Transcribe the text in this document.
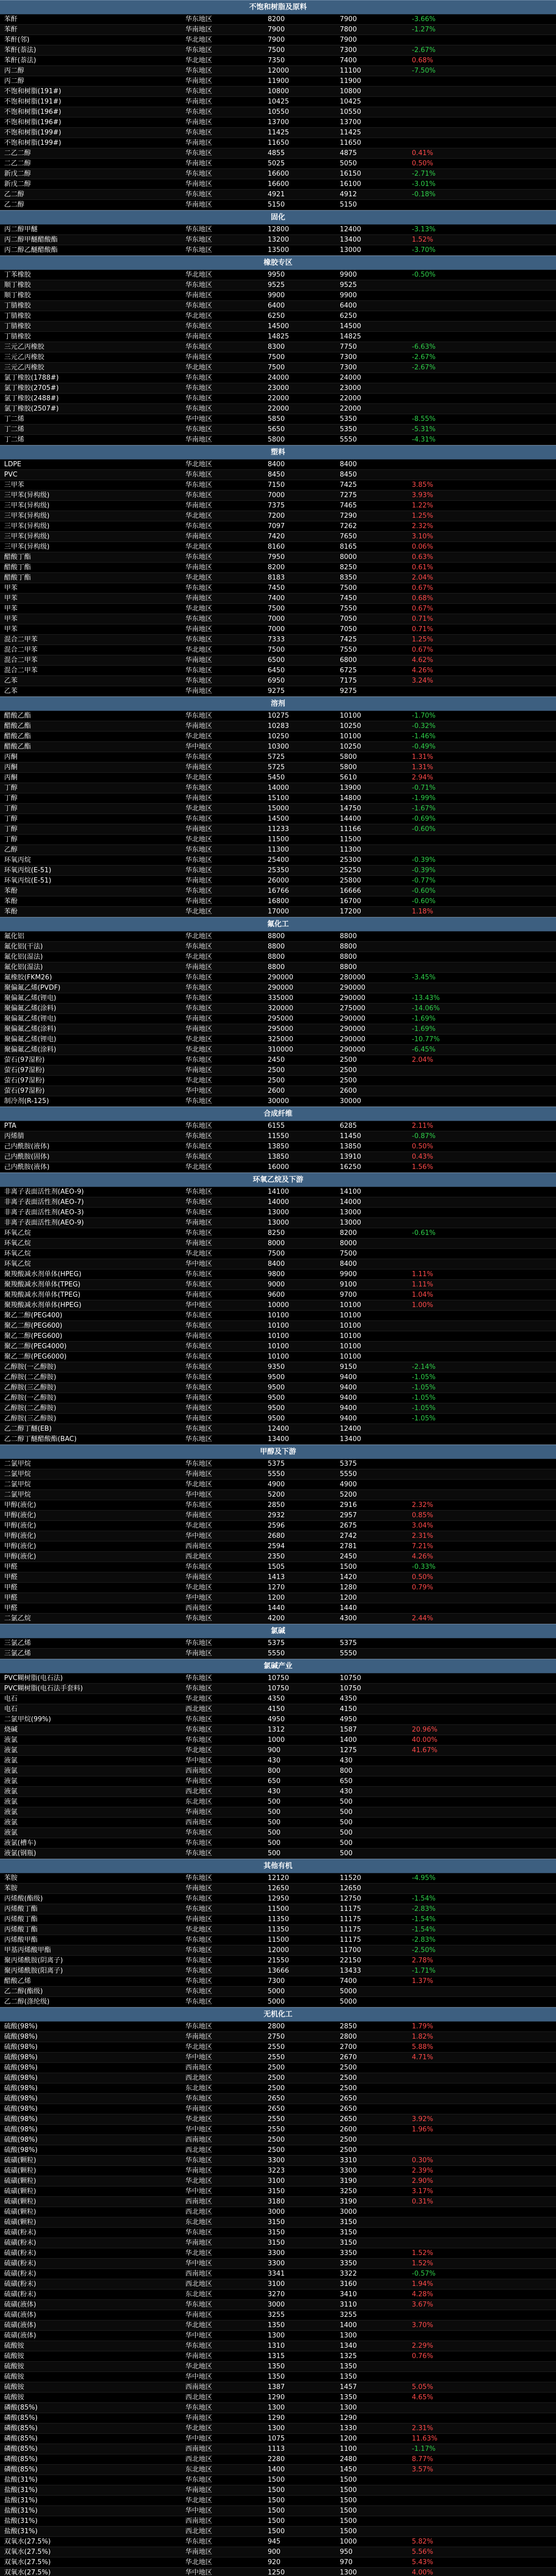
不饱和树脂及原料
苯酐	华东地区	8200	7900	-3.66%
苯酐	华南地区	7900	7800	-1.27%
苯酐(邻)	华北地区	7900	7900
苯酐(萘法)	华东地区	7500	7300	-2.67%
苯酐(萘法)	华北地区	7350	7400	0.68%
丙二醇	华东地区	12000	11100	-7.50%
丙二醇	华南地区	11900	11900
不饱和树脂(191#)	华东地区	10800	10800
不饱和树脂(191#)	华南地区	10425	10425
不饱和树脂(196#)	华东地区	10550	10550
不饱和树脂(196#)	华南地区	13700	13700
不饱和树脂(199#)	华东地区	11425	11425
不饱和树脂(199#)	华南地区	11650	11650
二乙二醇	华东地区	4855	4875	0.41%
二乙二醇	华南地区	5025	5050	0.50%
新戊二醇	华东地区	16600	16150	-2.71%
新戊二醇	华南地区	16600	16100	-3.01%
乙二醇	华东地区	4921	4912	-0.18%
乙二醇	华南地区	5150	5150
固化
丙二醇甲醚	华东地区	12800	12400	-3.13%
丙二醇甲醚醋酸酯	华东地区	13200	13400	1.52%
丙二醇乙醚醋酸酯	华东地区	13500	13000	-3.70%
橡胶专区
丁苯橡胶	华北地区	9950	9900	-0.50%
顺丁橡胶	华东地区	9525	9525
顺丁橡胶	华南地区	9900	9900
丁腈橡胶	华东地区	6400	6400
丁腈橡胶	华北地区	6250	6250
丁腈橡胶	华东地区	14500	14500
丁腈橡胶	华南地区	14825	14825
三元乙丙橡胶	华东地区	8300	7750	-6.63%
三元乙丙橡胶	华南地区	7500	7300	-2.67%
三元乙丙橡胶	华北地区	7500	7300	-2.67%
氯丁橡胶(1788#)	华东地区	24000	24000
氯丁橡胶(2705#)	华东地区	23000	23000
氯丁橡胶(2488#)	华东地区	22000	22000
氯丁橡胶(2507#)	华东地区	22000	22000
丁二烯	华中地区	5850	5350	-8.55%
丁二烯	华东地区	5650	5350	-5.31%
丁二烯	华南地区	5800	5550	-4.31%
塑料
LDPE	华北地区	8400	8400
PVC	华东地区	8450	8450
三甲苯	华东地区	7150	7425	3.85%
三甲苯(异构级)	华东地区	7000	7275	3.93%
三甲苯(异构级)	华南地区	7375	7465	1.22%
三甲苯(异构级)	华北地区	7200	7290	1.25%
三甲苯(异构级)	华东地区	7097	7262	2.32%
三甲苯(异构级)	华南地区	7420	7650	3.10%
三甲苯(异构级)	华北地区	8160	8165	0.06%
醋酸丁酯	华东地区	7950	8000	0.63%
醋酸丁酯	华南地区	8200	8250	0.61%
醋酸丁酯	华北地区	8183	8350	2.04%
甲苯	华东地区	7450	7500	0.67%
甲苯	华南地区	7400	7450	0.68%
甲苯	华北地区	7500	7550	0.67%
甲苯	华东地区	7000	7050	0.71%
甲苯	华南地区	7000	7050	0.71%
混合二甲苯	华东地区	7333	7425	1.25%
混合二甲苯	华北地区	7500	7550	0.67%
混合二甲苯	华南地区	6500	6800	4.62%
混合二甲苯	华东地区	6450	6725	4.26%
乙苯	华东地区	6950	7175	3.24%
乙苯	华南地区	9275	9275
溶剂
醋酸乙酯	华东地区	10275	10100	-1.70%
醋酸乙酯	华南地区	10283	10250	-0.32%
醋酸乙酯	华北地区	10250	10100	-1.46%
醋酸乙酯	华中地区	10300	10250	-0.49%
丙酮	华东地区	5725	5800	1.31%
丙酮	华南地区	5725	5800	1.31%
丙酮	华北地区	5450	5610	2.94%
丁醇	华东地区	14000	13900	-0.71%
丁醇	华南地区	15100	14800	-1.99%
丁醇	华北地区	15000	14750	-1.67%
丁醇	华东地区	14500	14400	-0.69%
丁醇	华南地区	11233	11166	-0.60%
丁醇	华北地区	11500	11500
乙醇	华东地区	11300	11300
环氧丙烷	华东地区	25400	25300	-0.39%
环氧丙烷(E-51)	华东地区	25350	25250	-0.39%
环氧丙烷(E-51)	华南地区	26000	25800	-0.77%
苯酚	华东地区	16766	16666	-0.60%
苯酚	华南地区	16800	16700	-0.60%
苯酚	华北地区	17000	17200	1.18%
氟化工
氟化铝	华北地区	8800	8800
氟化铝(干法)	华东地区	8800	8800
氟化铝(湿法)	华北地区	8800	8800
氟化铝(湿法)	华南地区	8800	8800
氟橡胶(FKM26)	华东地区	290000	280000	-3.45%
聚偏氟乙烯(PVDF)	华东地区	290000	290000
聚偏氟乙烯(锂电)	华东地区	335000	290000	-13.43%
聚偏氟乙烯(涂料)	华东地区	320000	275000	-14.06%
聚偏氟乙烯(锂电)	华南地区	295000	290000	-1.69%
聚偏氟乙烯(涂料)	华南地区	295000	290000	-1.69%
聚偏氟乙烯(锂电)	华北地区	325000	290000	-10.77%
聚偏氟乙烯(涂料)	华北地区	310000	290000	-6.45%
萤石(97湿粉)	华东地区	2450	2500	2.04%
萤石(97湿粉)	华南地区	2500	2500
萤石(97湿粉)	华北地区	2500	2500
萤石(97湿粉)	华中地区	2600	2600
制冷剂(R-125)	华东地区	30000	30000
合成纤维
PTA	华东地区	6155	6285	2.11%
丙烯腈	华东地区	11550	11450	-0.87%
己内酰胺(液体)	华东地区	13850	13850	0.50%
己内酰胺(固体)	华东地区	13850	13910	0.43%
己内酰胺(液体)	华北地区	16000	16250	1.56%
环氧乙烷及下游
非离子表面活性剂(AEO-9)	华东地区	14100	14100
非离子表面活性剂(AEO-7)	华东地区	14000	14000
非离子表面活性剂(AEO-3)	华东地区	13000	13000
非离子表面活性剂(AEO-9)	华南地区	13000	13000
环氧乙烷	华东地区	8250	8200	-0.61%
环氧乙烷	华南地区	8000	8000
环氧乙烷	华北地区	7500	7500
环氧乙烷	华中地区	8400	8400
聚羧酸减水剂单体(HPEG)	华东地区	9800	9900	1.11%
聚羧酸减水剂单体(TPEG)	华东地区	9000	9100	1.11%
聚羧酸减水剂单体(TPEG)	华南地区	9600	9700	1.04%
聚羧酸减水剂单体(HPEG)	华中地区	10000	10100	1.00%
聚乙二醇(PEG400)	华东地区	10100	10100
聚乙二醇(PEG600)	华东地区	10100	10100
聚乙二醇(PEG600)	华南地区	10100	10100
聚乙二醇(PEG4000)	华东地区	10100	10100
聚乙二醇(PEG6000)	华东地区	10100	10100
乙醇胺(一乙醇胺)	华东地区	9350	9150	-2.14%
乙醇胺(二乙醇胺)	华东地区	9500	9400	-1.05%
乙醇胺(三乙醇胺)	华东地区	9500	9400	-1.05%
乙醇胺(一乙醇胺)	华南地区	9500	9400	-1.05%
乙醇胺(二乙醇胺)	华南地区	9500	9400	-1.05%
乙醇胺(三乙醇胺)	华南地区	9500	9400	-1.05%
乙二醇丁醚(EB)	华东地区	12400	12400
乙二醇丁醚醋酸酯(BAC)	华东地区	13400	13400
甲醇及下游
二氯甲烷	华东地区	5375	5375
二氯甲烷	华南地区	5550	5550
二氯甲烷	华北地区	4900	4900
二氯甲烷	华中地区	5200	5200
甲醇(液化)	华东地区	2850	2916	2.32%
甲醇(液化)	华南地区	2932	2957	0.85%
甲醇(液化)	华北地区	2596	2675	3.04%
甲醇(液化)	华中地区	2680	2742	2.31%
甲醇(液化)	西南地区	2594	2781	7.21%
甲醇(液化)	西北地区	2350	2450	4.26%
甲醛	华东地区	1505	1500	-0.33%
甲醛	华南地区	1413	1420	0.50%
甲醛	华北地区	1270	1280	0.79%
甲醛	华中地区	1200	1200
甲醛	西南地区	1440	1440
二氯乙烷	华东地区	4200	4300	2.44%
氯碱
三氯乙烯	华东地区	5375	5375
三氯乙烯	华南地区	5550	5550
氯碱产业
PVC糊树脂(电石法)	华东地区	10750	10750
PVC糊树脂(电石法手套料)	华东地区	10750	10750
电石	华北地区	4350	4350
电石	西北地区	4150	4150
二氯甲烷(99%)	华东地区	4950	4950
烧碱	华东地区	1312	1587	20.96%
液氯	华东地区	1000	1400	40.00%
液氯	华北地区	900	1275	41.67%
液氯	华中地区	430	430
液氯	西南地区	800	800
液氯	华南地区	650	650
液氯	西北地区	430	430
液氯	东北地区	500	500
液氯	华南地区	500	500
液氯	西南地区	500	500
液氯	华东地区	500	500
液氯(槽车)	华东地区	500	500
液氯(钢瓶)	华东地区	500	500
其他有机
苯胺	华东地区	12120	11520	-4.95%
苯胺	华南地区	12650	12650
丙烯酸(酯级)	华东地区	12950	12750	-1.54%
丙烯酸丁酯	华东地区	11500	11175	-2.83%
丙烯酸丁酯	华南地区	11350	11175	-1.54%
丙烯酸丁酯	华北地区	11350	11175	-1.54%
丙烯酸甲酯	华东地区	11500	11175	-2.83%
甲基丙烯酸甲酯	华东地区	12000	11700	-2.50%
聚丙烯酰胺(阴离子)	华东地区	21550	22150	2.78%
聚丙烯酰胺(阳离子)	华东地区	13666	13433	-1.71%
醋酸乙烯	华东地区	7300	7400	1.37%
乙二醇(酯级)	华东地区	5000	5000
乙二醇(涤纶级)	华东地区	5000	5000
无机化工
硫酸(98%)	华东地区	2800	2850	1.79%
硫酸(98%)	华南地区	2750	2800	1.82%
硫酸(98%)	华北地区	2550	2700	5.88%
硫酸(98%)	华中地区	2550	2670	4.71%
硫酸(98%)	西南地区	2500	2500
硫酸(98%)	西北地区	2500	2500
硫酸(98%)	东北地区	2500	2500
硫酸(98%)	华东地区	2650	2650
硫酸(98%)	华南地区	2650	2650
硫酸(98%)	华北地区	2550	2650	3.92%
硫酸(98%)	华中地区	2550	2600	1.96%
硫酸(98%)	西南地区	2500	2500
硫酸(98%)	西北地区	2500	2500
硫磺(颗粒)	华东地区	3300	3310	0.30%
硫磺(颗粒)	华南地区	3223	3300	2.39%
硫磺(颗粒)	华北地区	3100	3190	2.90%
硫磺(颗粒)	华中地区	3150	3250	3.17%
硫磺(颗粒)	西南地区	3180	3190	0.31%
硫磺(颗粒)	西北地区	3000	3000
硫磺(颗粒)	东北地区	3150	3150
硫磺(粉末)	华东地区	3150	3150
硫磺(粉末)	华南地区	3150	3150
硫磺(粉末)	华北地区	3300	3350	1.52%
硫磺(粉末)	华中地区	3300	3350	1.52%
硫磺(粉末)	西南地区	3341	3322	-0.57%
硫磺(粉末)	西北地区	3100	3160	1.94%
硫磺(粉末)	东北地区	3270	3410	4.28%
硫磺(液体)	华东地区	3000	3110	3.67%
硫磺(液体)	华南地区	3255	3255
硫磺(液体)	华北地区	1350	1400	3.70%
硫磺(液体)	华中地区	1300	1300
硫酸铵	华东地区	1310	1340	2.29%
硫酸铵	华南地区	1315	1325	0.76%
硫酸铵	华北地区	1350	1350
硫酸铵	华中地区	1350	1350
硫酸铵	西南地区	1387	1457	5.05%
硫酸铵	西北地区	1290	1350	4.65%
磷酸(85%)	华东地区	1300	1300
磷酸(85%)	华南地区	1290	1290
磷酸(85%)	华北地区	1300	1330	2.31%
磷酸(85%)	华中地区	1075	1200	11.63%
磷酸(85%)	西南地区	1113	1100	-1.17%
磷酸(85%)	西北地区	2280	2480	8.77%
磷酸(85%)	东北地区	1400	1450	3.57%
盐酸(31%)	华东地区	1500	1500
盐酸(31%)	华南地区	1500	1500
盐酸(31%)	华北地区	1500	1500
盐酸(31%)	华中地区	1500	1500
盐酸(31%)	西南地区	1500	1500
盐酸(31%)	西北地区	1500	1500
双氧水(27.5%)	华东地区	945	1000	5.82%
双氧水(27.5%)	华南地区	900	950	5.56%
双氧水(27.5%)	华北地区	920	970	5.43%
双氧水(27.5%)	华中地区	1250	1300	4.00%
